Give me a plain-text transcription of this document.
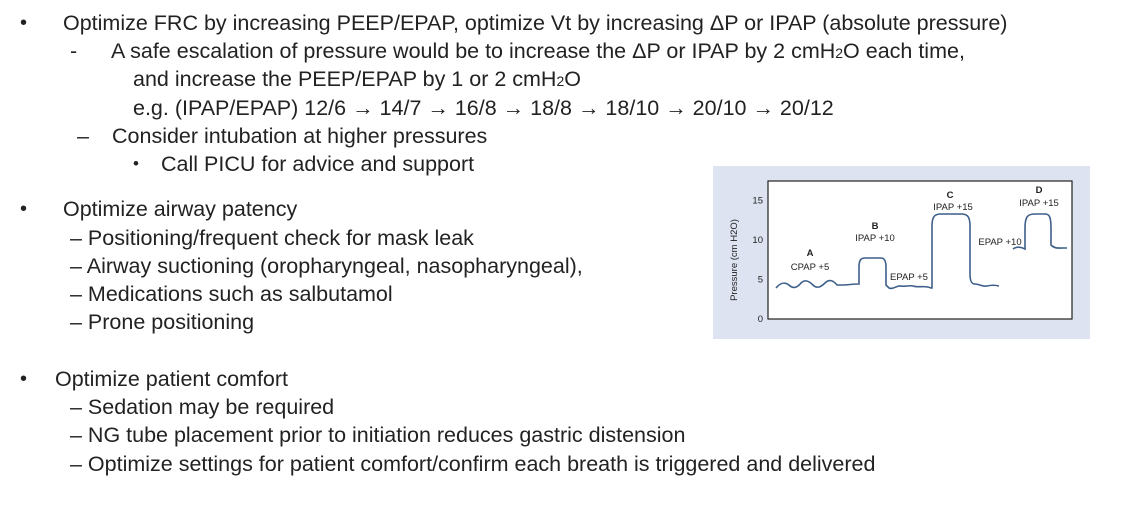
• Optimize FRC by increasing PEEP/EPAP, optimize Vt by increasing ΔP or IPAP (absolute pressure)
- A safe escalation of pressure would be to increase the ΔP or IPAP by 2 cmH2O each time,
and increase the PEEP/EPAP by 1 or 2 cmH2O
e.g. (IPAP/EPAP) 12/6 → 14/7 → 16/8 → 18/8 → 18/10 → 20/10 → 20/12
– Consider intubation at higher pressures
• Call PICU for advice and support
• Optimize airway patency
– Positioning/frequent check for mask leak
– Airway suctioning (oropharyngeal, nasopharyngeal),
– Medications such as salbutamol
– Prone positioning
• Optimize patient comfort
– Sedation may be required
– NG tube placement prior to initiation reduces gastric distension
– Optimize settings for patient comfort/confirm each breath is triggered and delivered
Pressure (cm H2O)
0
5
10
15
A
CPAP +5
B
IPAP +10
EPAP +5
C
IPAP +15
EPAP +10
D
IPAP +15
